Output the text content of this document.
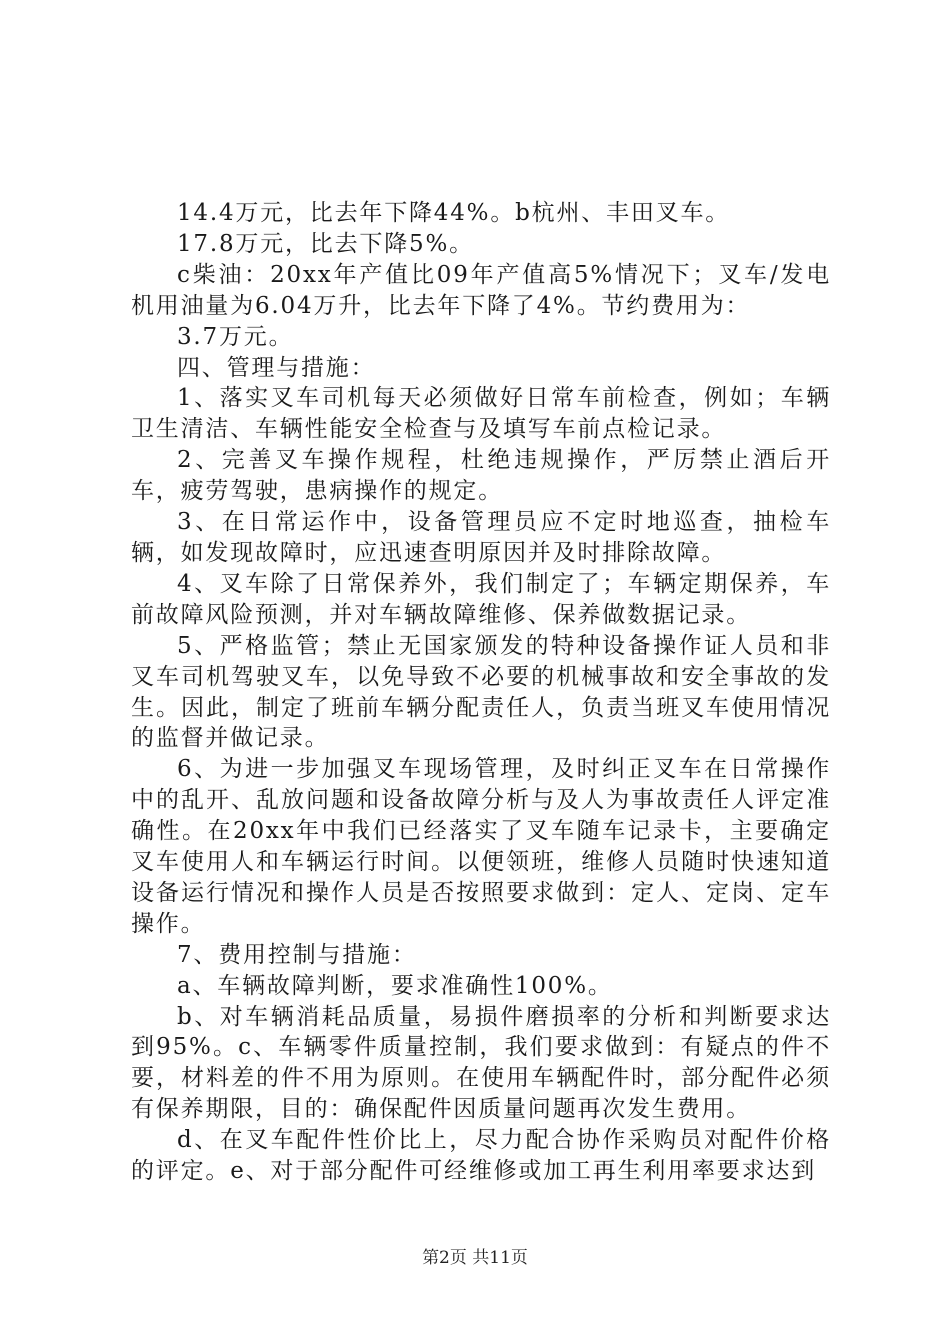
14.4万元，比去年下降44%。b杭州、丰田叉车。

17.8万元，比去下降5%。

c柴油：20xx年产值比09年产值高5%情况下；叉车/发电机用油量为6.04万升，比去年下降了4%。节约费用为：

3.7万元。

四、管理与措施：

1、落实叉车司机每天必须做好日常车前检查，例如；车辆卫生清洁、车辆性能安全检查与及填写车前点检记录。

2、完善叉车操作规程，杜绝违规操作，严厉禁止酒后开车，疲劳驾驶，患病操作的规定。

3、在日常运作中，设备管理员应不定时地巡查，抽检车辆，如发现故障时，应迅速查明原因并及时排除故障。

4、叉车除了日常保养外，我们制定了；车辆定期保养，车前故障风险预测，并对车辆故障维修、保养做数据记录。

5、严格监管；禁止无国家颁发的特种设备操作证人员和非叉车司机驾驶叉车，以免导致不必要的机械事故和安全事故的发生。因此，制定了班前车辆分配责任人，负责当班叉车使用情况的监督并做记录。

6、为进一步加强叉车现场管理，及时纠正叉车在日常操作中的乱开、乱放问题和设备故障分析与及人为事故责任人评定准确性。在20xx年中我们已经落实了叉车随车记录卡，主要确定叉车使用人和车辆运行时间。以便领班，维修人员随时快速知道设备运行情况和操作人员是否按照要求做到：定人、定岗、定车操作。

7、费用控制与措施：

a、车辆故障判断，要求准确性100%。

b、对车辆消耗品质量，易损件磨损率的分析和判断要求达到95%。c、车辆零件质量控制，我们要求做到：有疑点的件不要，材料差的件不用为原则。在使用车辆配件时，部分配件必须有保养期限，目的：确保配件因质量问题再次发生费用。

d、在叉车配件性价比上，尽力配合协作采购员对配件价格的评定。e、对于部分配件可经维修或加工再生利用率要求达到

第2页 共11页
